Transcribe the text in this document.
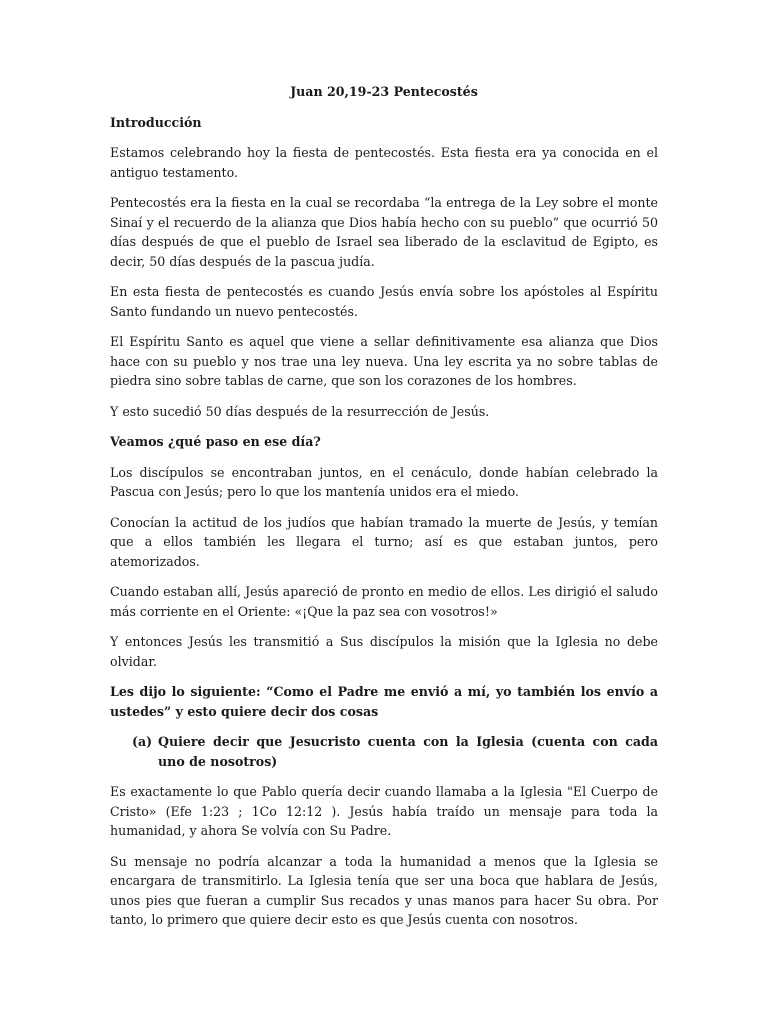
Juan 20,19-23 Pentecostés
Introducción
Estamos celebrando hoy la fiesta de pentecostés. Esta fiesta era ya conocida en el antiguo testamento.
Pentecostés era la fiesta en la cual se recordaba “la entrega de la Ley sobre el monte Sinaí y el recuerdo de la alianza que Dios había hecho con su pueblo” que ocurrió 50 días después de que el pueblo de Israel sea liberado de la esclavitud de Egipto, es decir, 50 días después de la pascua judía.
En esta fiesta de pentecostés es cuando Jesús envía sobre los apóstoles al Espíritu Santo fundando un nuevo pentecostés.
El Espíritu Santo es aquel que viene a sellar definitivamente esa alianza que Dios hace con su pueblo y nos trae una ley nueva. Una ley escrita ya no sobre tablas de piedra sino sobre tablas de carne, que son los corazones de los hombres.
Y esto sucedió 50 días después de la resurrección de Jesús.
Veamos ¿qué paso en ese día?
Los discípulos se encontraban juntos, en el cenáculo, donde habían celebrado la Pascua con Jesús; pero lo que los mantenía unidos era el miedo.
Conocían la actitud de los judíos que habían tramado la muerte de Jesús, y temían que a ellos también les llegara el turno; así es que estaban juntos, pero atemorizados.
Cuando estaban allí, Jesús apareció de pronto en medio de ellos. Les dirigió el saludo más corriente en el Oriente: «¡Que la paz sea con vosotros!»
Y entonces Jesús les transmitió a Sus discípulos la misión que la Iglesia no debe olvidar.
Les dijo lo siguiente: “Como el Padre me envió a mí, yo también los envío a ustedes” y esto quiere decir dos cosas
(a) Quiere decir que Jesucristo cuenta con la Iglesia (cuenta con cada uno de nosotros)
Es exactamente lo que Pablo quería decir cuando llamaba a la Iglesia "El Cuerpo de Cristo» (Efe 1:23 ; 1Co 12:12 ). Jesús había traído un mensaje para toda la humanidad, y ahora Se volvía con Su Padre.
Su mensaje no podría alcanzar a toda la humanidad a menos que la Iglesia se encargara de transmitirlo. La Iglesia tenía que ser una boca que hablara de Jesús, unos pies que fueran a cumplir Sus recados y unas manos para hacer Su obra. Por tanto, lo primero que quiere decir esto es que Jesús cuenta con nosotros.
